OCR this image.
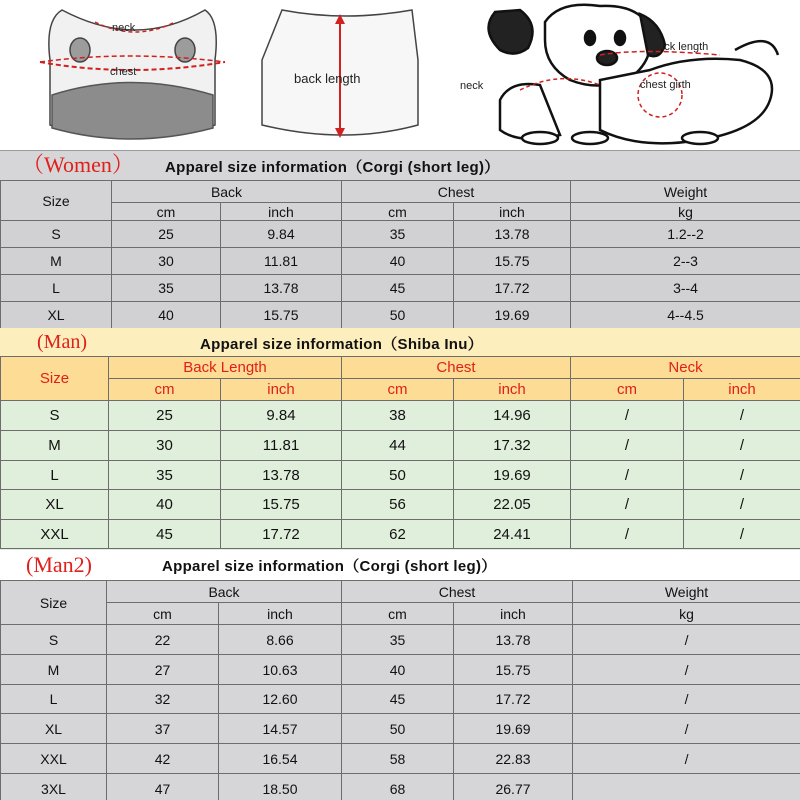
neck
chest	back length
back length
neck	chest girth
（Women） Apparel size information（Corgi (short leg)）
Size	Back		Chest		Weight
	cm	inch	cm	inch	kg
S	25	9.84	35	13.78	1.2--2
M	30	11.81	40	15.75	2--3
L	35	13.78	45	17.72	3--4
XL	40	15.75	50	19.69	4--4.5
(Man)	Apparel size information（Shiba Inu）
Size	Back Length		Chest		Neck	
	cm	inch	cm	inch	cm	inch
S	25	9.84	38	14.96	/	/
M	30	11.81	44	17.32	/	/
L	35	13.78	50	19.69	/	/
XL	40	15.75	56	22.05	/	/
XXL	45	17.72	62	24.41	/	/
(Man2)	Apparel size information（Corgi (short leg)）
Size	Back		Chest		Weight
	cm	inch	cm	inch	kg
S	22	8.66	35	13.78	/
M	27	10.63	40	15.75	/
L	32	12.60	45	17.72	/
XL	37	14.57	50	19.69	/
XXL	42	16.54	58	22.83	/
3XL	47	18.50	68	26.77	
